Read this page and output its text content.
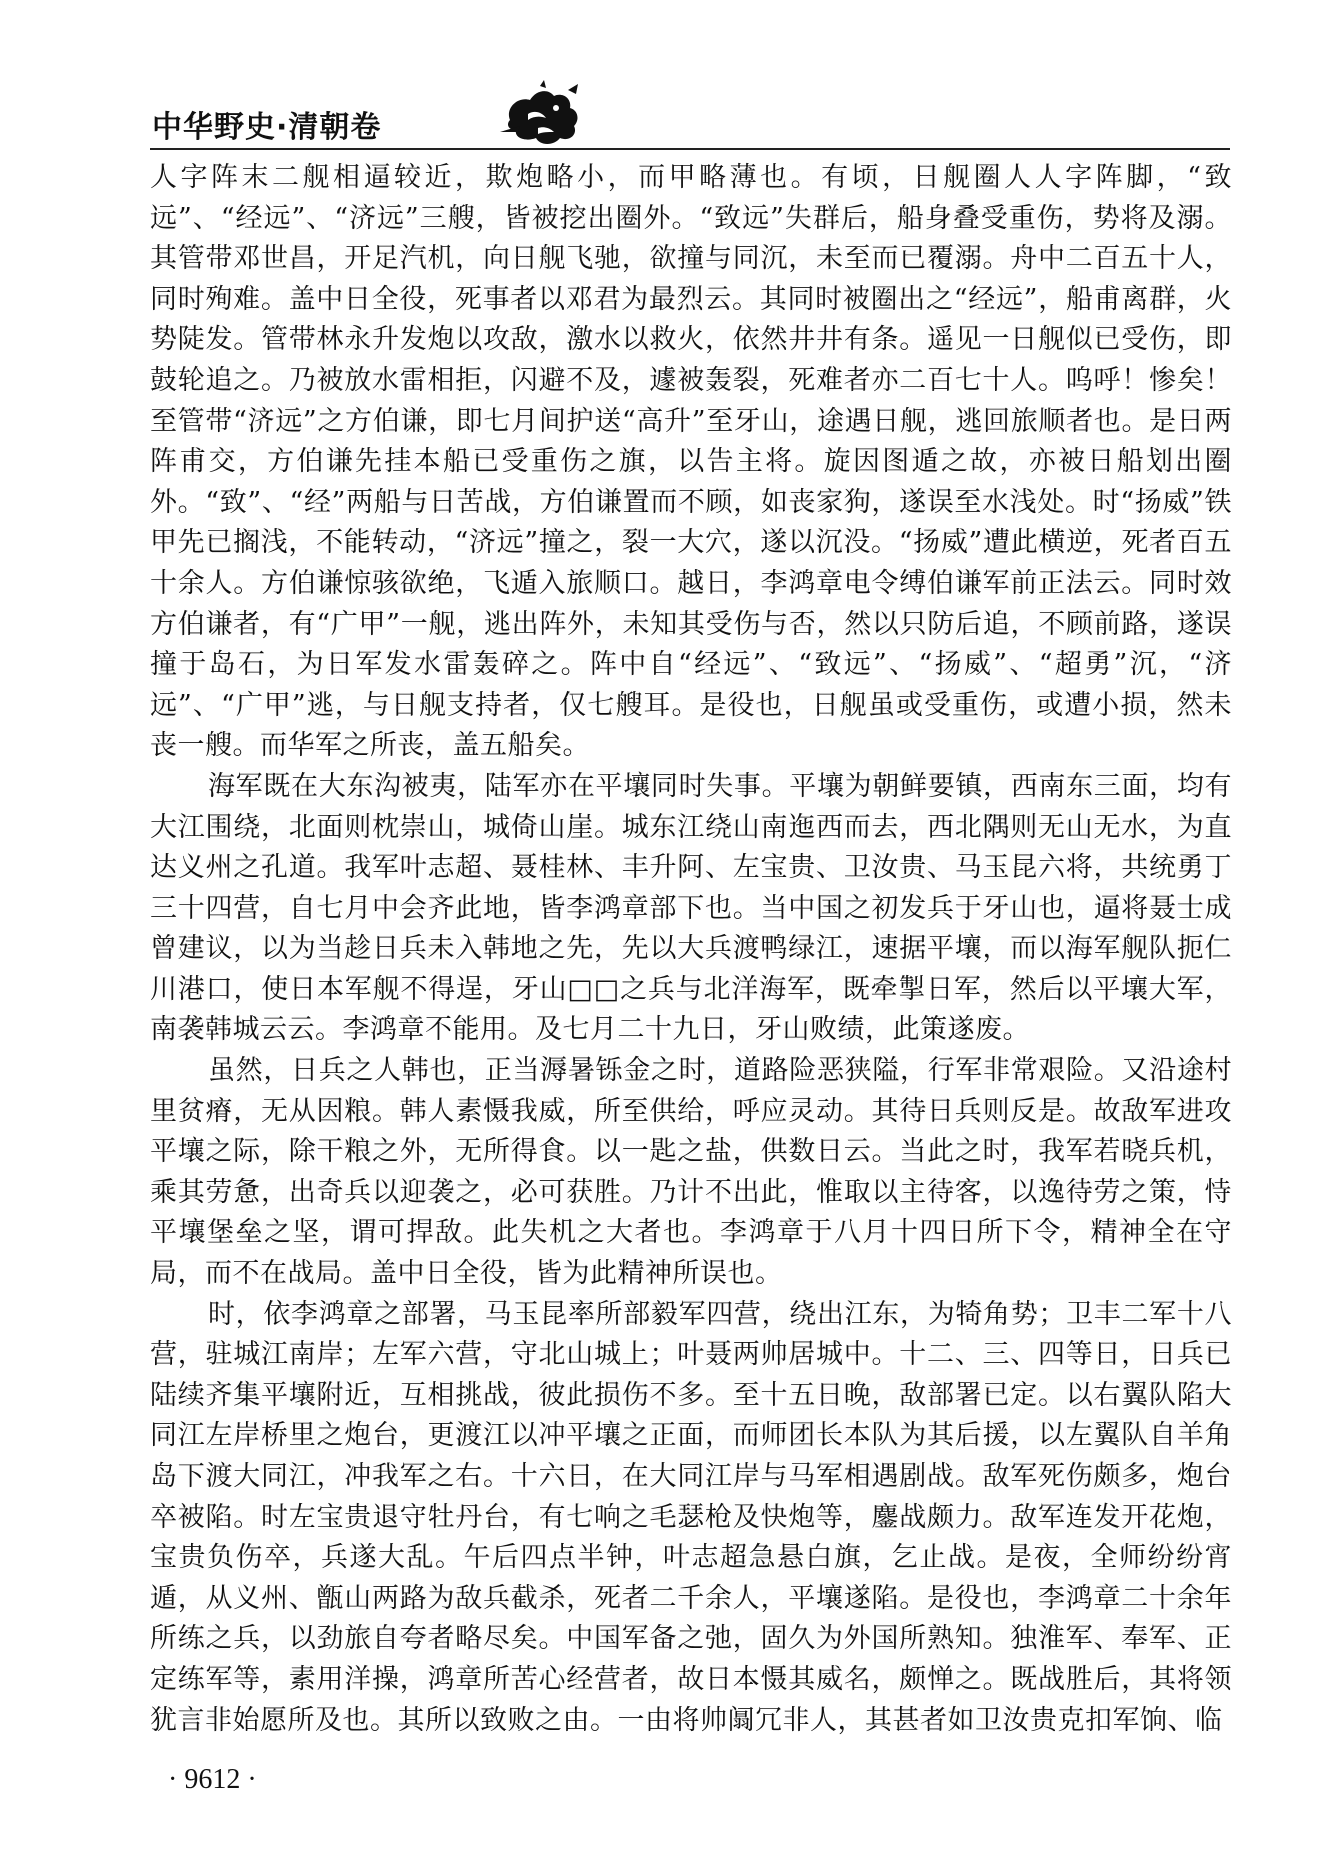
中华野史·清朝卷

人字阵末二舰相逼较近，欺炮略小，而甲略薄也。有顷，日舰圈人人字阵脚，“致远”、“经远”、“济远”三艘，皆被挖出圈外。“致远”失群后，船身叠受重伤，势将及溺。其管带邓世昌，开足汽机，向日舰飞驰，欲撞与同沉，未至而已覆溺。舟中二百五十人，同时殉难。盖中日全役，死事者以邓君为最烈云。其同时被圈出之“经远”，船甫离群，火势陡发。管带林永升发炮以攻敌，激水以救火，依然井井有条。遥见一日舰似已受伤，即鼓轮追之。乃被放水雷相拒，闪避不及，遽被轰裂，死难者亦二百七十人。呜呼！惨矣！至管带“济远”之方伯谦，即七月间护送“高升”至牙山，途遇日舰，逃回旅顺者也。是日两阵甫交，方伯谦先挂本船已受重伤之旗，以告主将。旋因图遁之故，亦被日船划出圈外。“致”、“经”两船与日苦战，方伯谦置而不顾，如丧家狗，遂误至水浅处。时“扬威”铁甲先已搁浅，不能转动，“济远”撞之，裂一大穴，遂以沉没。“扬威”遭此横逆，死者百五十余人。方伯谦惊骇欲绝，飞遁入旅顺口。越日，李鸿章电令缚伯谦军前正法云。同时效方伯谦者，有“广甲”一舰，逃出阵外，未知其受伤与否，然以只防后追，不顾前路，遂误撞于岛石，为日军发水雷轰碎之。阵中自“经远”、“致远”、“扬威”、“超勇”沉，“济远”、“广甲”逃，与日舰支持者，仅七艘耳。是役也，日舰虽或受重伤，或遭小损，然未丧一艘。而华军之所丧，盖五船矣。

海军既在大东沟被夷，陆军亦在平壤同时失事。平壤为朝鲜要镇，西南东三面，均有大江围绕，北面则枕崇山，城倚山崖。城东江绕山南迤西而去，西北隅则无山无水，为直达义州之孔道。我军叶志超、聂桂林、丰升阿、左宝贵、卫汝贵、马玉昆六将，共统勇丁三十四营，自七月中会齐此地，皆李鸿章部下也。当中国之初发兵于牙山也，逼将聂士成曾建议，以为当趁日兵未入韩地之先，先以大兵渡鸭绿江，速据平壤，而以海军舰队扼仁川港口，使日本军舰不得逞，牙山□□之兵与北洋海军，既牵掣日军，然后以平壤大军，南袭韩城云云。李鸿章不能用。及七月二十九日，牙山败绩，此策遂废。

虽然，日兵之人韩也，正当溽暑铄金之时，道路险恶狭隘，行军非常艰险。又沿途村里贫瘠，无从因粮。韩人素慑我威，所至供给，呼应灵动。其待日兵则反是。故敌军进攻平壤之际，除干粮之外，无所得食。以一匙之盐，供数日云。当此之时，我军若晓兵机，乘其劳惫，出奇兵以迎袭之，必可获胜。乃计不出此，惟取以主待客，以逸待劳之策，恃平壤堡垒之坚，谓可捍敌。此失机之大者也。李鸿章于八月十四日所下令，精神全在守局，而不在战局。盖中日全役，皆为此精神所误也。

时，依李鸿章之部署，马玉昆率所部毅军四营，绕出江东，为犄角势；卫丰二军十八营，驻城江南岸；左军六营，守北山城上；叶聂两帅居城中。十二、三、四等日，日兵已陆续齐集平壤附近，互相挑战，彼此损伤不多。至十五日晚，敌部署已定。以右翼队陷大同江左岸桥里之炮台，更渡江以冲平壤之正面，而师团长本队为其后援，以左翼队自羊角岛下渡大同江，冲我军之右。十六日，在大同江岸与马军相遇剧战。敌军死伤颇多，炮台卒被陷。时左宝贵退守牡丹台，有七响之毛瑟枪及快炮等，鏖战颇力。敌军连发开花炮，宝贵负伤卒，兵遂大乱。午后四点半钟，叶志超急悬白旗，乞止战。是夜，全师纷纷宵遁，从义州、甑山两路为敌兵截杀，死者二千余人，平壤遂陷。是役也，李鸿章二十余年所练之兵，以劲旅自夸者略尽矣。中国军备之弛，固久为外国所熟知。独淮军、奉军、正定练军等，素用洋操，鸿章所苦心经营者，故日本慑其威名，颇惮之。既战胜后，其将领犹言非始愿所及也。其所以致败之由。一由将帅阘冗非人，其甚者如卫汝贵克扣军饷、临

· 9612 ·
